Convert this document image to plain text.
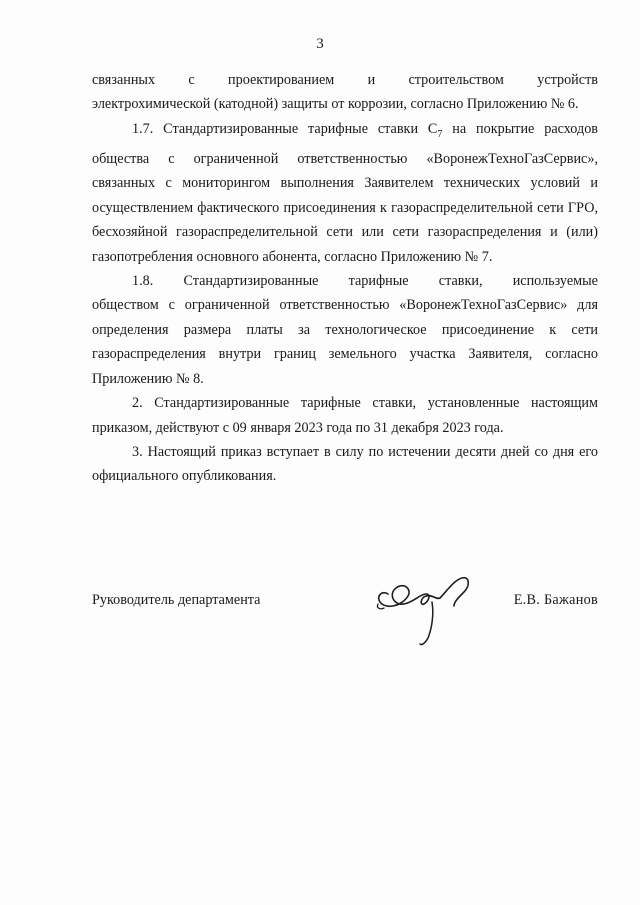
3
связанных с проектированием и строительством устройств

электрохимической (катодной) защиты от коррозии, согласно Приложению № 6.

1.7. Стандартизированные тарифные ставки $С_7$ на покрытие расходов общества с ограниченной ответственностью «ВоронежТехноГазСервис», связанных с мониторингом выполнения Заявителем технических условий и осуществлением фактического присоединения к газораспределительной сети ГРО, бесхозяйной газораспределительной сети или сети газораспределения и (или) газопотребления основного абонента, согласно Приложению № 7.

1.8. Стандартизированные тарифные ставки, используемые

обществом с ограниченной ответственностью «ВоронежТехноГазСервис» для определения размера платы за технологическое присоединение к сети газораспределения внутри границ земельного участка Заявителя, согласно Приложению № 8.

2. Стандартизированные тарифные ставки, установленные настоящим приказом, действуют с 09 января 2023 года по 31 декабря 2023 года.

3. Настоящий приказ вступает в силу по истечении десяти дней со дня его официального опубликования.

Руководитель департамента	Е.В. Бажанов
